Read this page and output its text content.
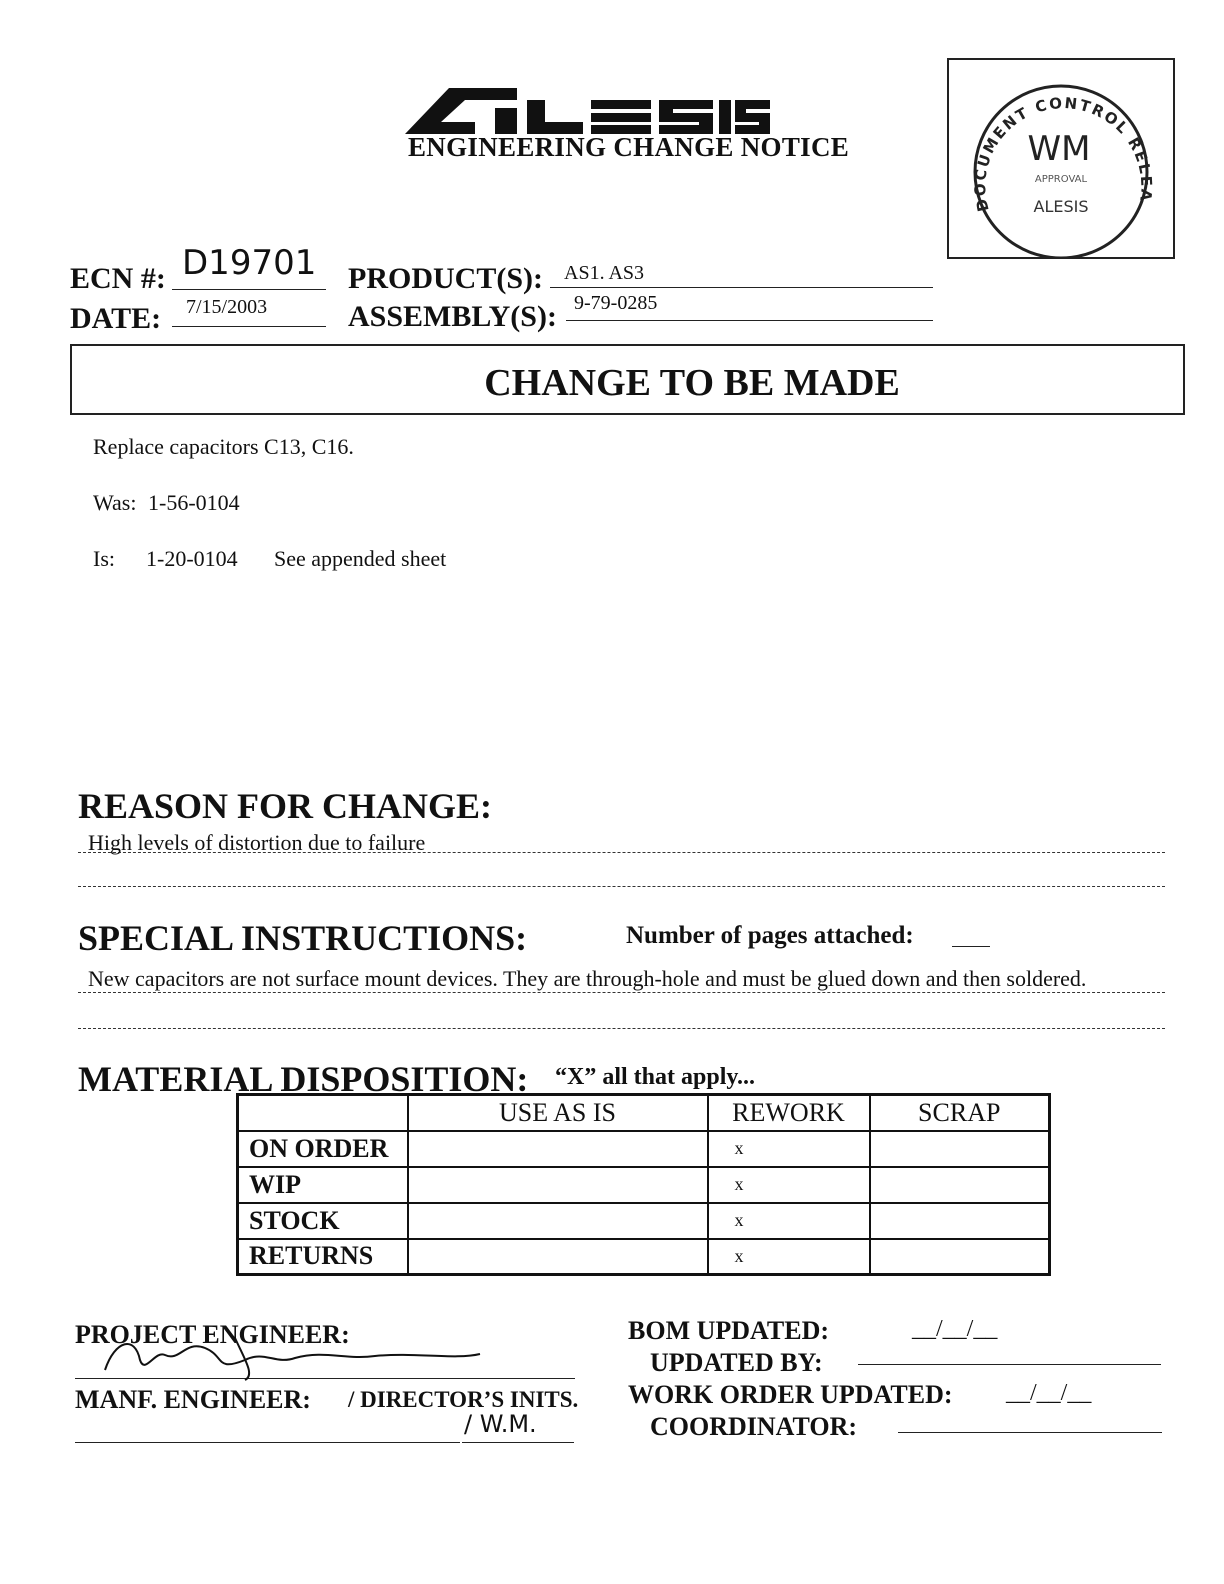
ENGINEERING CHANGE NOTICE
DOCUMENT CONTROL RELEA
WM
APPROVAL
ALESIS
ECN #: D19701
DATE: 7/15/2003
PRODUCT(S): AS1. AS3
ASSEMBLY(S): 9-79-0285
CHANGE TO BE MADE
Replace capacitors C13, C16.
Was: 1-56-0104
Is: 1-20-0104 See appended sheet
REASON FOR CHANGE:
High levels of distortion due to failure
SPECIAL INSTRUCTIONS:	Number of pages attached:
New capacitors are not surface mount devices. They are through-hole and must be glued down and then soldered.
MATERIAL DISPOSITION: “X” all that apply...
	USE AS IS	REWORK	SCRAP
ON ORDER		x	
WIP		x	
STOCK		x	
RETURNS		x	
PROJECT ENGINEER:
MANF. ENGINEER: / DIRECTOR’S INITS.
/ W.M.
BOM UPDATED:	__/__/__
UPDATED BY:
WORK ORDER UPDATED: __/__/__
COORDINATOR:
